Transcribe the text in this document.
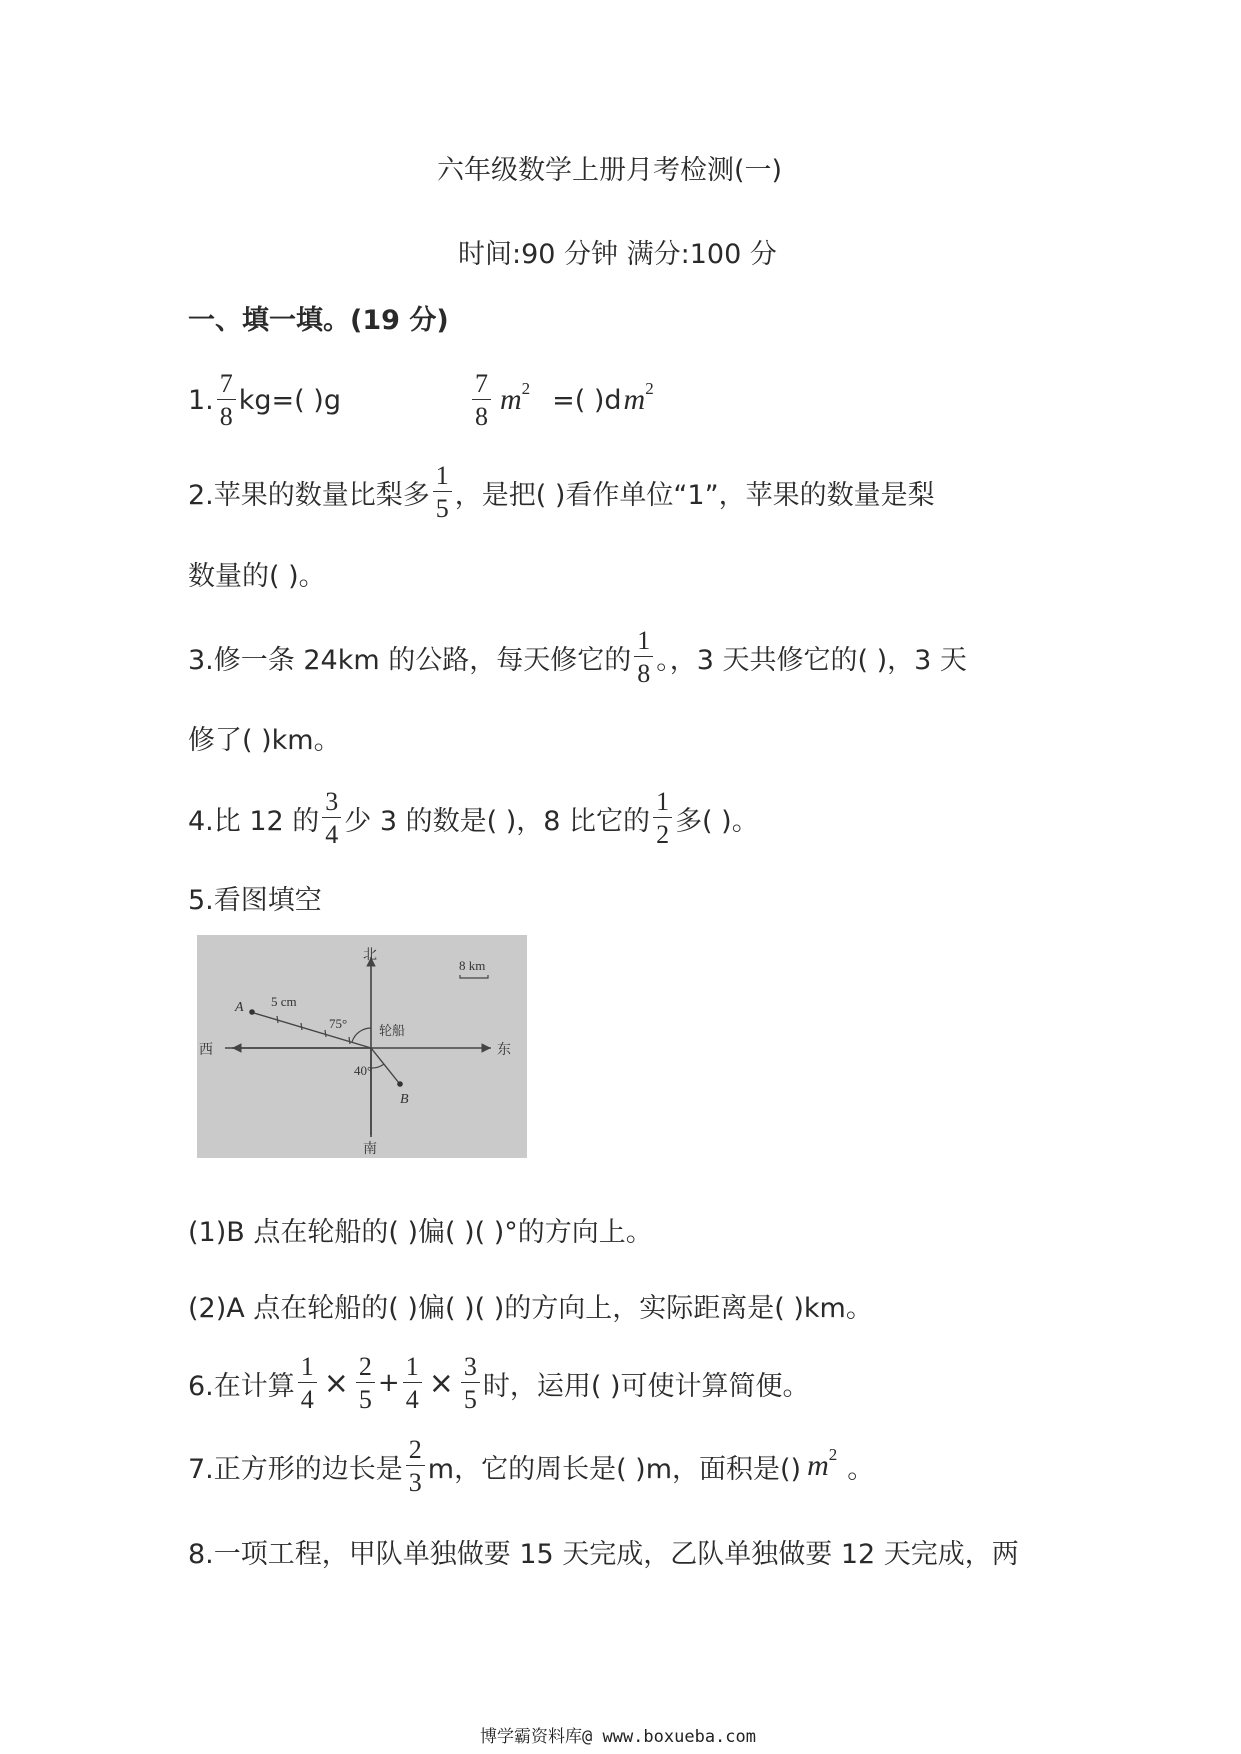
六年级数学上册月考检测(一)
时间:90 分钟 满分:100 分
一、填一填。(19 分)
1. $\frac{7}{8} kg=$( )g	$\frac{7}{8} m^2$ =( )d $m^2$
2.苹果的数量比梨多 $\frac{1}{5}$ ，是把( )看作单位“1”，苹果的数量是梨
数量的( )。
3.修一条 24km 的公路，每天修它的 $\frac{1}{8}$ 。，3 天共修它的( )，3 天
修了( )km。
4.比 12 的 $\frac{3}{4}$ 少 3 的数是( )，8 比它的 $\frac{1}{2}$ 多( )。
5.看图填空
北
南
东
西
A 5 cm
75° 轮船
40°
B
8 km
(1)B 点在轮船的( )偏( )( )°的方向上。
(2)A 点在轮船的( )偏( )( )的方向上，实际距离是( )km。
6.在计算 $\frac{1}{4} \times \frac{2}{5} + \frac{1}{4} \times \frac{3}{5}$ 时，运用( )可使计算简便。
7.正方形的边长是 $\frac{2}{3}$ m，它的周长是( )m，面积是() $m^2$ 。
8.一项工程，甲队单独做要 15 天完成，乙队单独做要 12 天完成，两
博学霸资料库@ www.boxueba.com
